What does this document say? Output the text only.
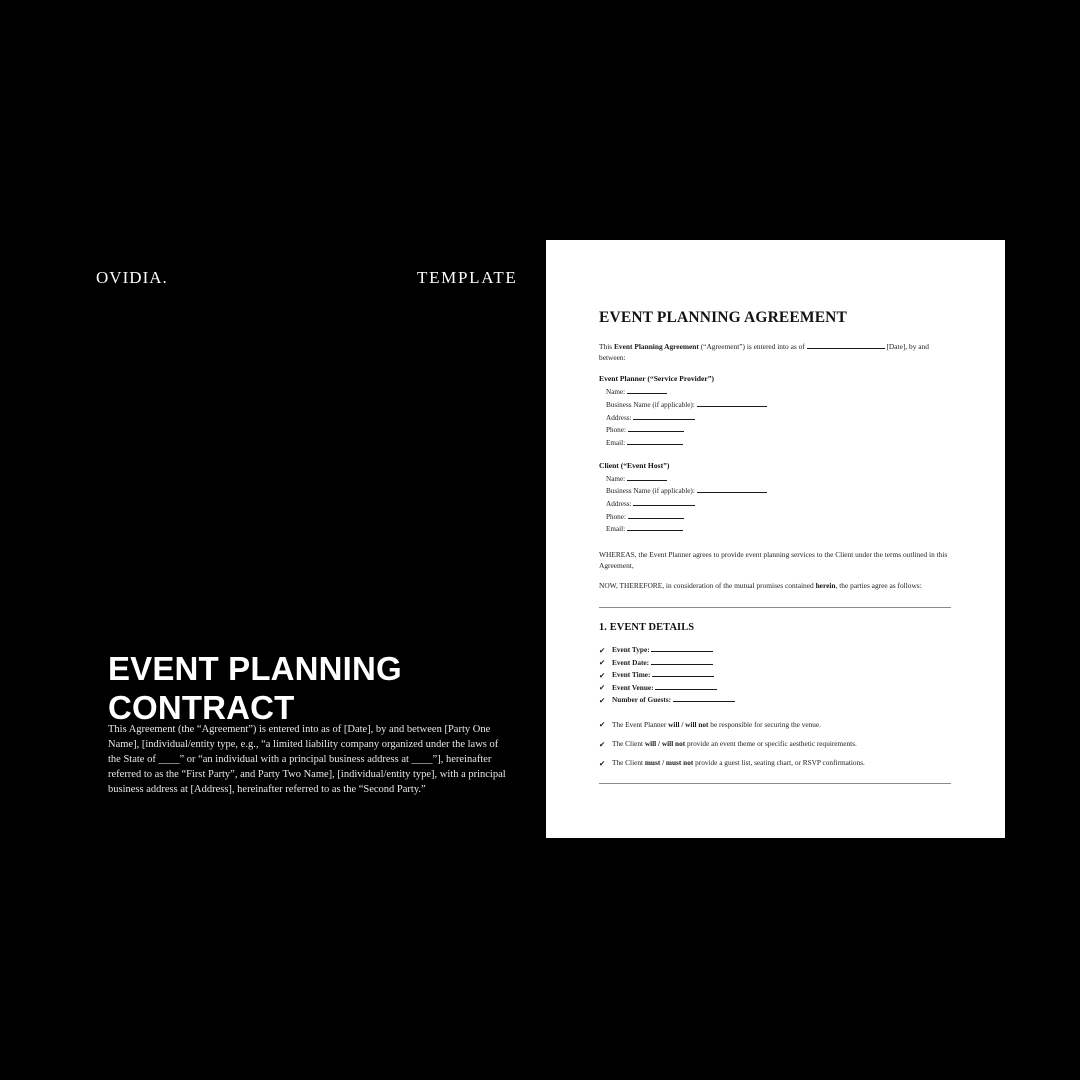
OVIDIA.	TEMPLATE
EVENT PLANNING CONTRACT
This Agreement (the “Agreement”) is entered into as of [Date], by and between [Party One Name], [individual/entity type, e.g., “a limited liability company organized under the laws of the State of ____” or “an individual with a principal business address at ____”], hereinafter referred to as the “First Party”, and Party Two Name], [individual/entity type], with a principal business address at [Address], hereinafter referred to as the “Second Party.”
EVENT PLANNING AGREEMENT

This Event Planning Agreement (“Agreement”) is entered into as of	[Date], by and between:

Event Planner (“Service Provider”)
Name:
Business Name (if applicable):
Address:
Phone:
Email:
Client (“Event Host”)
Name:
Business Name (if applicable):
Address:
Phone:
Email:

WHEREAS, the Event Planner agrees to provide event planning services to the Client under the terms outlined in this Agreement,

NOW, THEREFORE, in consideration of the mutual promises contained herein, the parties agree as follows:

1. EVENT DETAILS
✔ Event Type:
✔ Event Date:
✔ Event Time:
✔ Event Venue:
✔ Number of Guests:
✔ The Event Planner will / will not be responsible for securing the venue.
✔ The Client will / will not provide an event theme or specific aesthetic requirements.
✔ The Client must / must not provide a guest list, seating chart, or RSVP confirmations.
